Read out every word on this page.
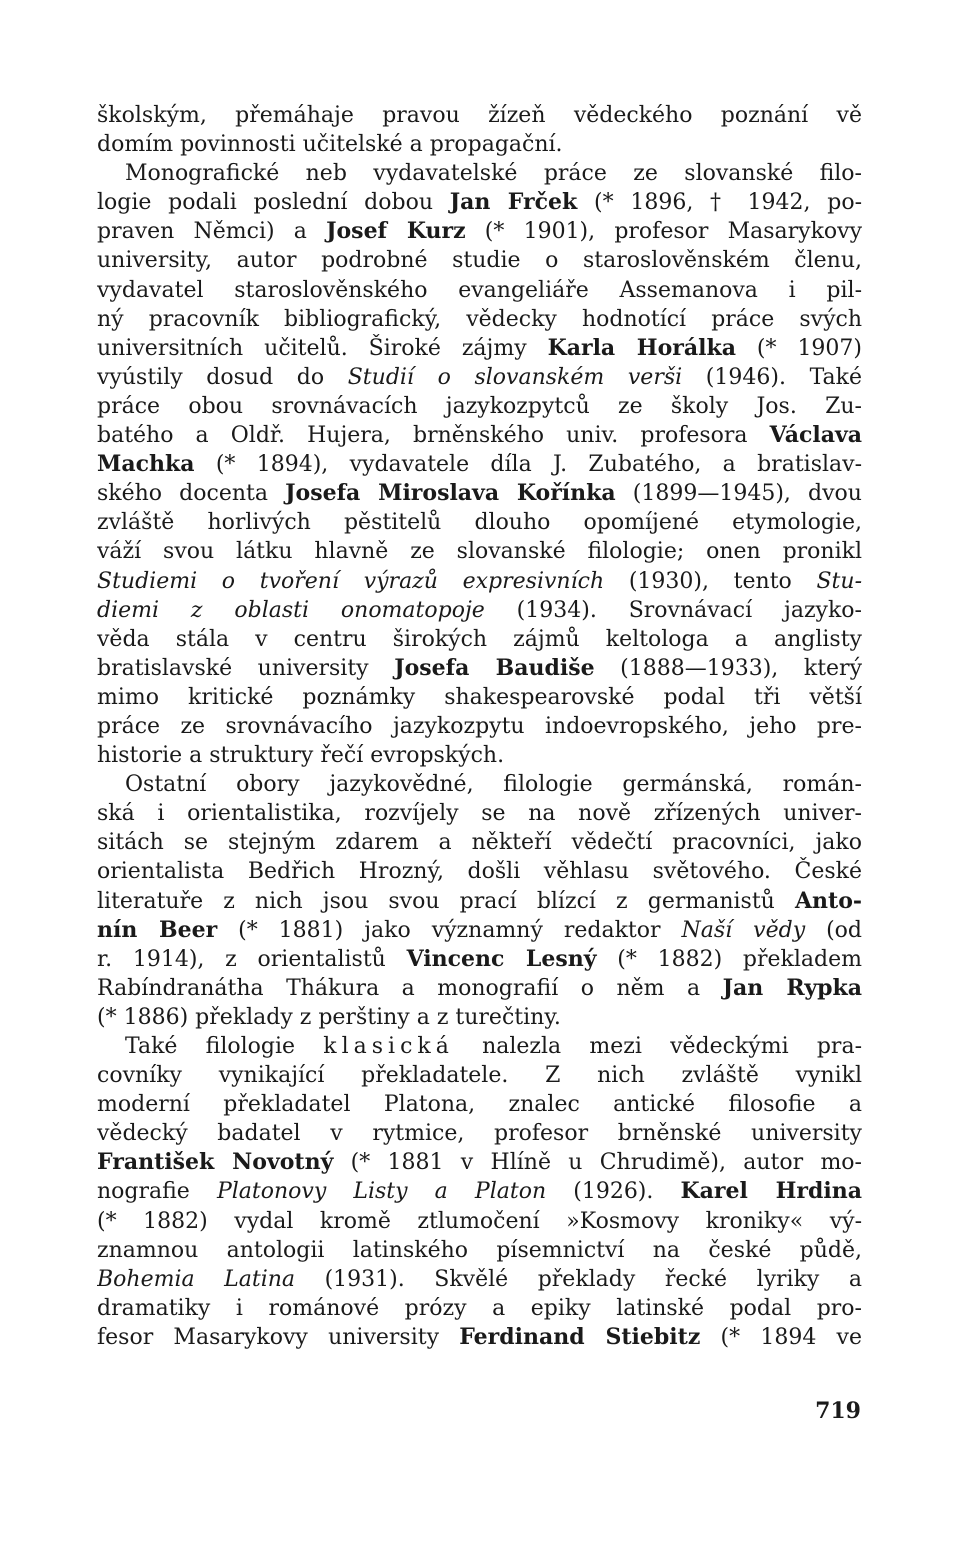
školským, přemáhaje pravou žízeň vědeckého poznání vě
domím povinnosti učitelské a propagační.
Monografické neb vydavatelské práce ze slovanské filo-
logie podali poslední dobou Jan Frček (* 1896, † 1942, po-
praven Němci) a Josef Kurz (* 1901), profesor Masarykovy
university, autor podrobné studie o staroslověnském členu,
vydavatel staroslověnského evangeliáře Assemanova i pil-
ný pracovník bibliografický, vědecky hodnotící práce svých
universitních učitelů. Široké zájmy Karla Horálka (* 1907)
vyústily dosud do Studií o slovanském verši (1946). Také
práce obou srovnávacích jazykozpytců ze školy Jos. Zu-
batého a Oldř. Hujera, brněnského univ. profesora Václava
Machka (* 1894), vydavatele díla J. Zubatého, a bratislav-
ského docenta Josefa Miroslava Kořínka (1899—1945), dvou
zvláště horlivých pěstitelů dlouho opomíjené etymologie,
váží svou látku hlavně ze slovanské filologie; onen pronikl
Studiemi o tvoření výrazů expresivních (1930), tento Stu-
diemi z oblasti onomatopoje (1934). Srovnávací jazyko-
věda stála v centru širokých zájmů keltologa a anglisty
bratislavské university Josefa Baudiše (1888—1933), který
mimo kritické poznámky shakespearovské podal tři větší
práce ze srovnávacího jazykozpytu indoevropského, jeho pre-
historie a struktury řečí evropských.
Ostatní obory jazykovědné, filologie germánská, román-
ská i orientalistika, rozvíjely se na nově zřízených univer-
sitách se stejným zdarem a někteří vědečtí pracovníci, jako
orientalista Bedřich Hrozný, došli věhlasu světového. České
literatuře z nich jsou svou prací blízcí z germanistů Anto-
nín Beer (* 1881) jako významný redaktor Naší vědy (od
r. 1914), z orientalistů Vincenc Lesný (* 1882) překladem
Rabíndranátha Thákura a monografií o něm a Jan Rypka
(* 1886) překlady z perštiny a z turečtiny.
Také filologie klasická nalezla mezi vědeckými pra-
covníky vynikající překladatele. Z nich zvláště vynikl
moderní překladatel Platona, znalec antické filosofie a
vědecký badatel v rytmice, profesor brněnské university
František Novotný (* 1881 v Hlíně u Chrudimě), autor mo-
nografie Platonovy Listy a Platon (1926). Karel Hrdina
(* 1882) vydal kromě ztlumočení »Kosmovy kroniky« vý-
znamnou antologii latinského písemnictví na české půdě,
Bohemia Latina (1931). Skvělé překlady řecké lyriky a
dramatiky i románové prózy a epiky latinské podal pro-
fesor Masarykovy university Ferdinand Stiebitz (* 1894 ve
719
